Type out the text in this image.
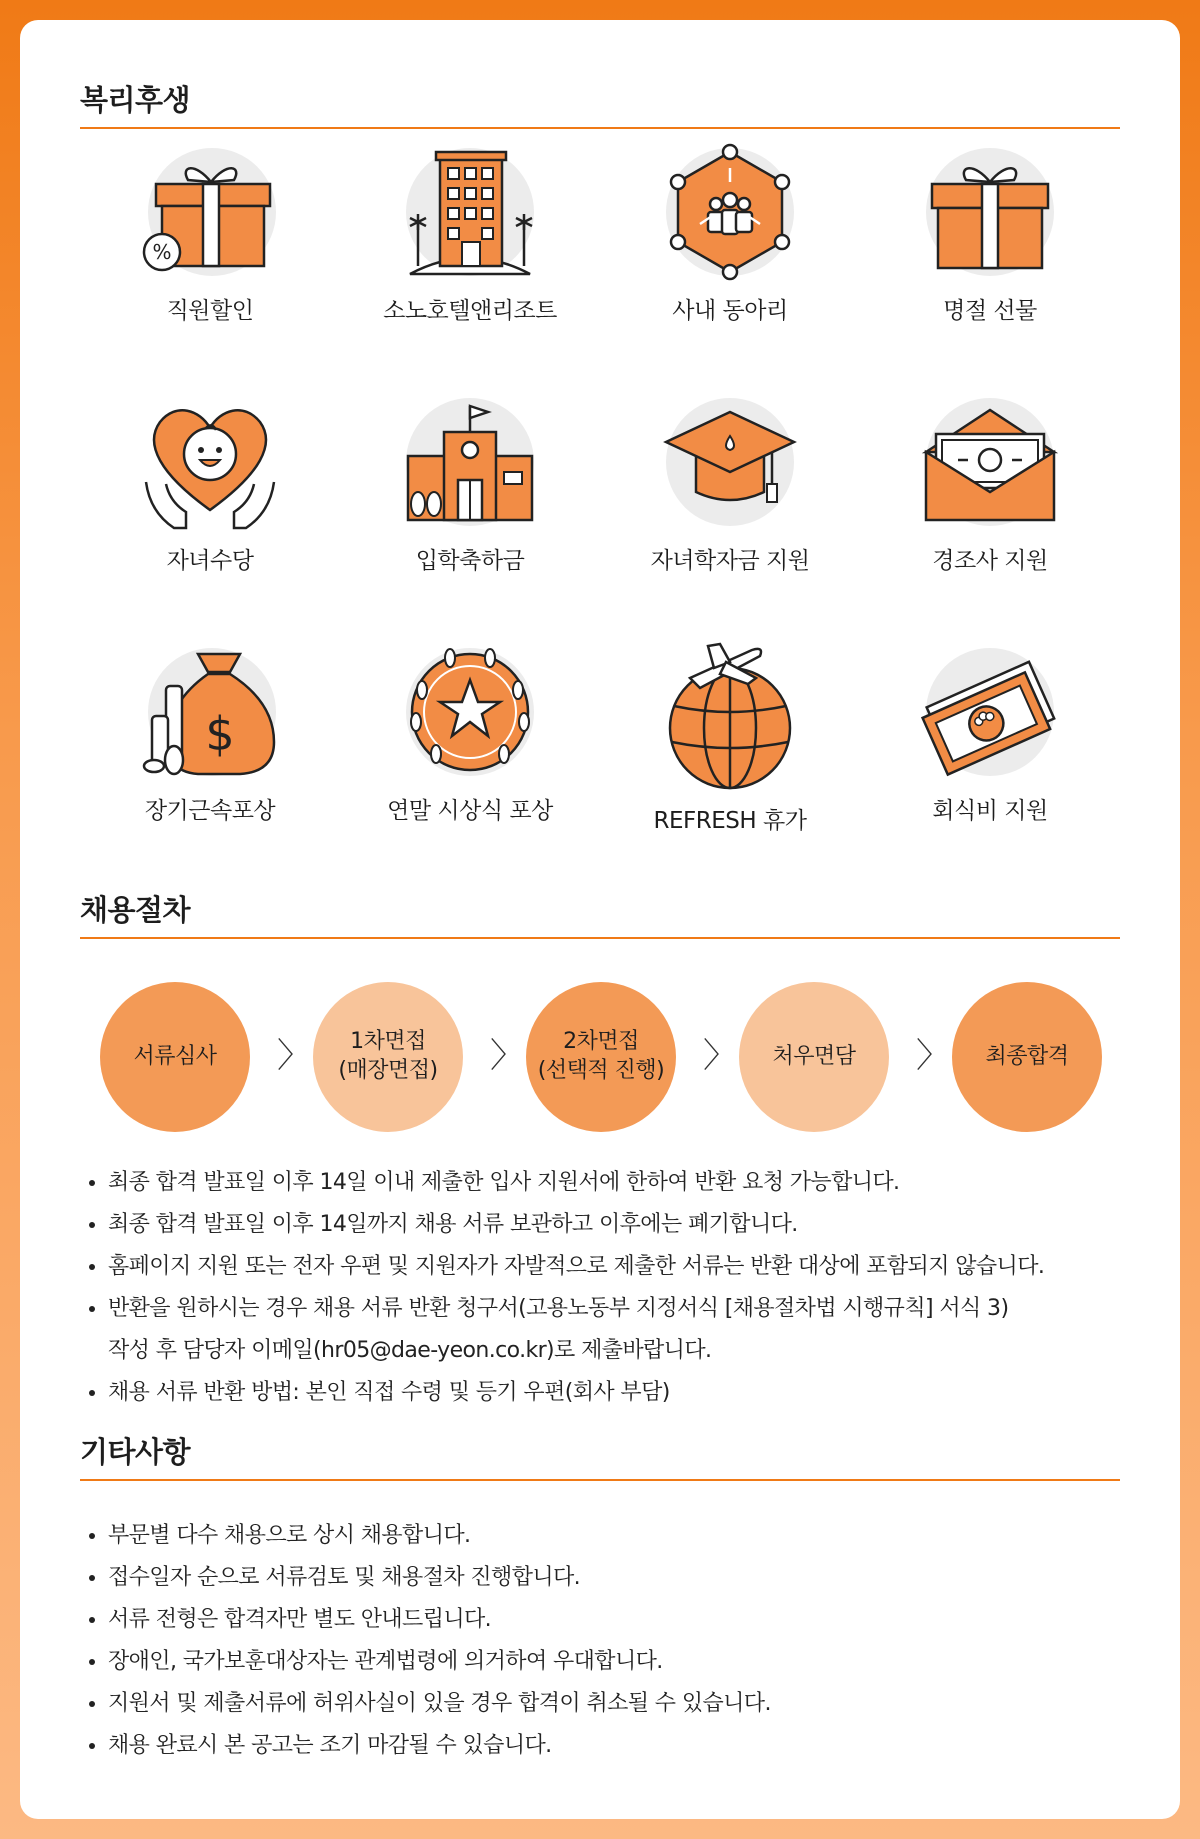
복리후생
%
직원할인	소노호텔앤리조트	사내 동아리	명절 선물
자녀수당	입학축하금	자녀학자금 지원	경조사 지원
$
장기근속포상	연말 시상식 포상	REFRESH 휴가	회식비 지원
채용절차
서류심사 〉	1차면접
(매장면접) 〉	2차면접
(선택적 진행) 〉 처우면담 〉 최종합격
• 최종 합격 발표일 이후 14일 이내 제출한 입사 지원서에 한하여 반환 요청 가능합니다.
• 최종 합격 발표일 이후 14일까지 채용 서류 보관하고 이후에는 폐기합니다.
• 홈페이지 지원 또는 전자 우편 및 지원자가 자발적으로 제출한 서류는 반환 대상에 포함되지 않습니다.
• 반환을 원하시는 경우 채용 서류 반환 청구서(고용노동부 지정서식 [채용절차법 시행규칙] 서식 3)
작성 후 담당자 이메일(hr05@dae-yeon.co.kr)로 제출바랍니다.
• 채용 서류 반환 방법: 본인 직접 수령 및 등기 우편(회사 부담)
기타사항
• 부문별 다수 채용으로 상시 채용합니다.
• 접수일자 순으로 서류검토 및 채용절차 진행합니다.
• 서류 전형은 합격자만 별도 안내드립니다.
• 장애인, 국가보훈대상자는 관계법령에 의거하여 우대합니다.
• 지원서 및 제출서류에 허위사실이 있을 경우 합격이 취소될 수 있습니다.
• 채용 완료시 본 공고는 조기 마감될 수 있습니다.
